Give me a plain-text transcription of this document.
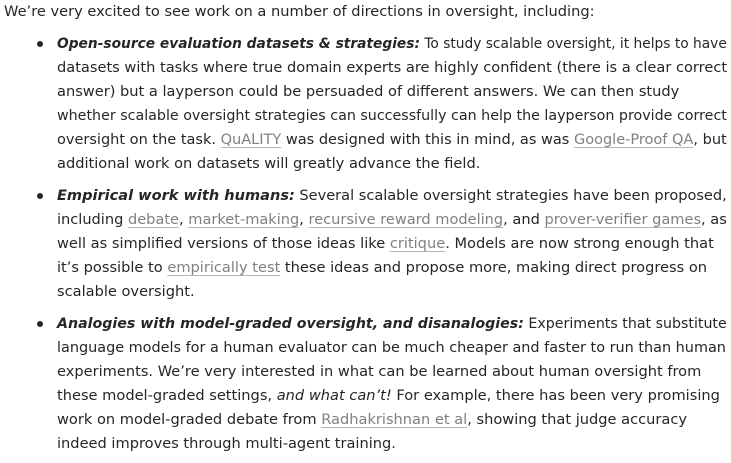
We’re very excited to see work on a number of directions in oversight, including:

Open-source evaluation datasets & strategies: To study scalable oversight, it helps to have
datasets with tasks where true domain experts are highly confident (there is a clear correct
answer) but a layperson could be persuaded of different answers. We can then study
whether scalable oversight strategies can successfully can help the layperson provide correct
oversight on the task. QuALITY was designed with this in mind, as was Google-Proof QA, but
additional work on datasets will greatly advance the field.
Empirical work with humans: Several scalable oversight strategies have been proposed,
including debate, market-making, recursive reward modeling, and prover-verifier games, as
well as simplified versions of those ideas like critique. Models are now strong enough that
it’s possible to empirically test these ideas and propose more, making direct progress on
scalable oversight.
Analogies with model-graded oversight, and disanalogies: Experiments that substitute
language models for a human evaluator can be much cheaper and faster to run than human
experiments. We’re very interested in what can be learned about human oversight from
these model-graded settings, and what can’t! For example, there has been very promising
work on model-graded debate from Radhakrishnan et al, showing that judge accuracy
indeed improves through multi-agent training.
